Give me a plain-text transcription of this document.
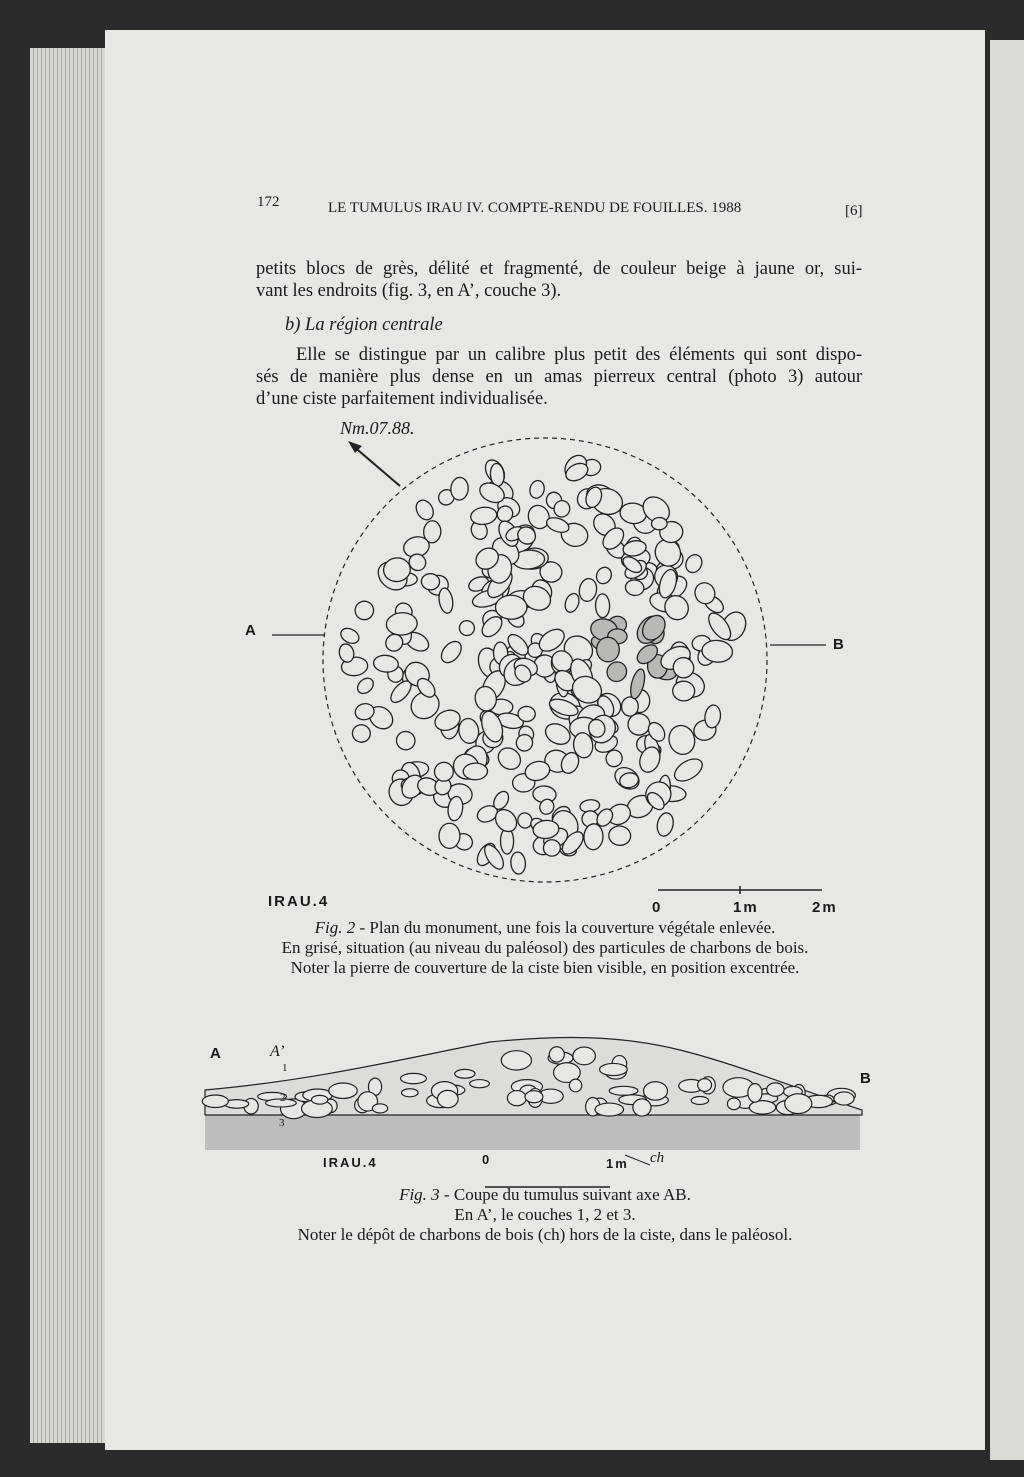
172	LE TUMULUS IRAU IV. COMPTE-RENDU DE FOUILLES. 1988	[6]
petits blocs de grès, délité et fragmenté, de couleur beige à jaune or, sui-
vant les endroits (fig. 3, en A’, couche 3).
b) La région centrale
Elle se distingue par un calibre plus petit des éléments qui sont dispo-
sés de manière plus dense en un amas pierreux central (photo 3) autour
d’une ciste parfaitement individualisée.
Nm.07.88.
A
B
IRAU.4	0	1m	2m
Fig. 2 - Plan du monument, une fois la couverture végétale enlevée.
En grisé, situation (au niveau du paléosol) des particules de charbons de bois.
Noter la pierre de couverture de la ciste bien visible, en position excentrée.
A	A’
B
1
2
3
ch
IRAU.4	0	1m
Fig. 3 - Coupe du tumulus suivant axe AB.
En A’, le couches 1, 2 et 3.
Noter le dépôt de charbons de bois (ch) hors de la ciste, dans le paléosol.
